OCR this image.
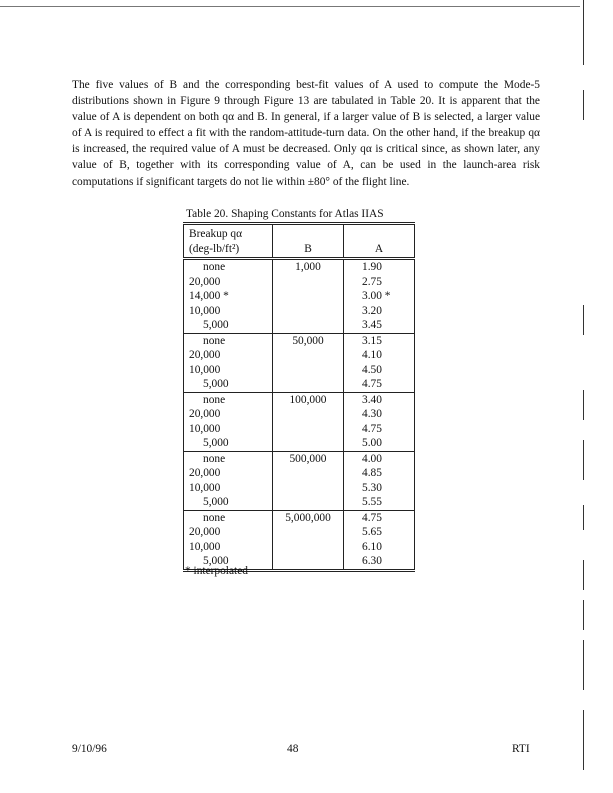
The five values of B and the corresponding best-fit values of A used to compute the Mode-5 distributions shown in Figure 9 through Figure 13 are tabulated in Table 20. It is apparent that the value of A is dependent on both qα and B. In general, if a larger value of B is selected, a larger value of A is required to effect a fit with the random-attitude-turn data. On the other hand, if the breakup qα is increased, the required value of A must be decreased. Only qα is critical since, as shown later, any value of B, together with its corresponding value of A, can be used in the launch-area risk computations if significant targets do not lie within ±80° of the flight line.

Table 20. Shaping Constants for Atlas IIAS

Breakup qα
(deg-lb/ft²)	B	A
none	1,000	1.90
20,000		2.75
14,000 *		3.00 *
10,000		3.20
5,000		3.45
none	50,000	3.15
20,000		4.10
10,000		4.50
5,000		4.75
none	100,000	3.40
20,000		4.30
10,000		4.75
5,000		5.00
none	500,000	4.00
20,000		4.85
10,000		5.30
5,000		5.55
none	5,000,000	4.75
20,000		5.65
10,000		6.10
5,000		6.30

* interpolated

9/10/96	48	RTI
